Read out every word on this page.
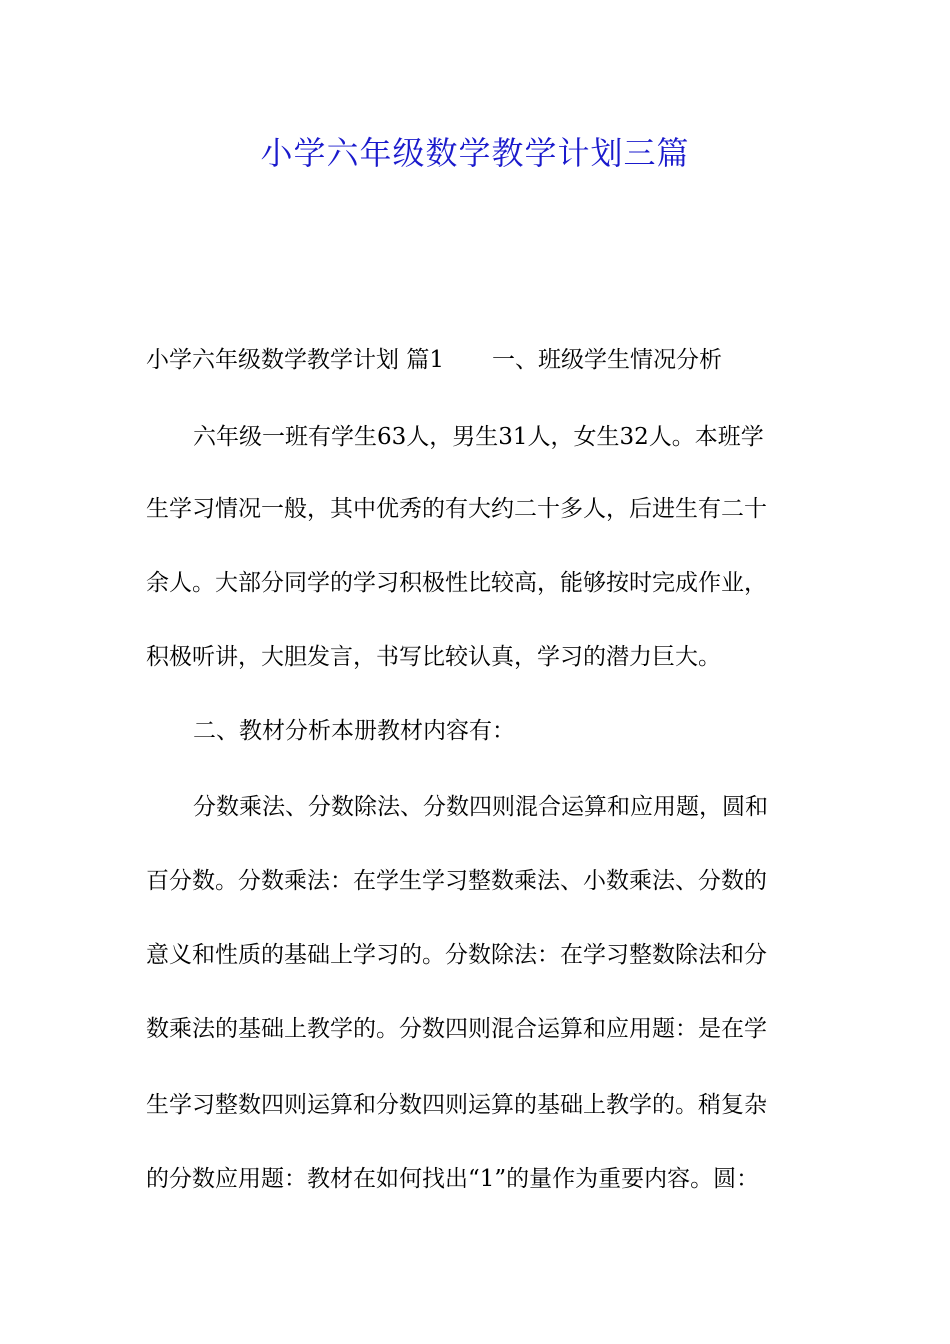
小学六年级数学教学计划三篇

小学六年级数学教学计划 篇1 一、班级学生情况分析

六年级一班有学生63人，男生31人，女生32人。本班学

生学习情况一般，其中优秀的有大约二十多人，后进生有二十

余人。大部分同学的学习积极性比较高，能够按时完成作业，

积极听讲，大胆发言，书写比较认真，学习的潜力巨大。

二、教材分析本册教材内容有：

分数乘法、分数除法、分数四则混合运算和应用题，圆和

百分数。分数乘法：在学生学习整数乘法、小数乘法、分数的

意义和性质的基础上学习的。分数除法：在学习整数除法和分

数乘法的基础上教学的。分数四则混合运算和应用题：是在学

生学习整数四则运算和分数四则运算的基础上教学的。稍复杂

的分数应用题：教材在如何找出“1”的量作为重要内容。圆：
